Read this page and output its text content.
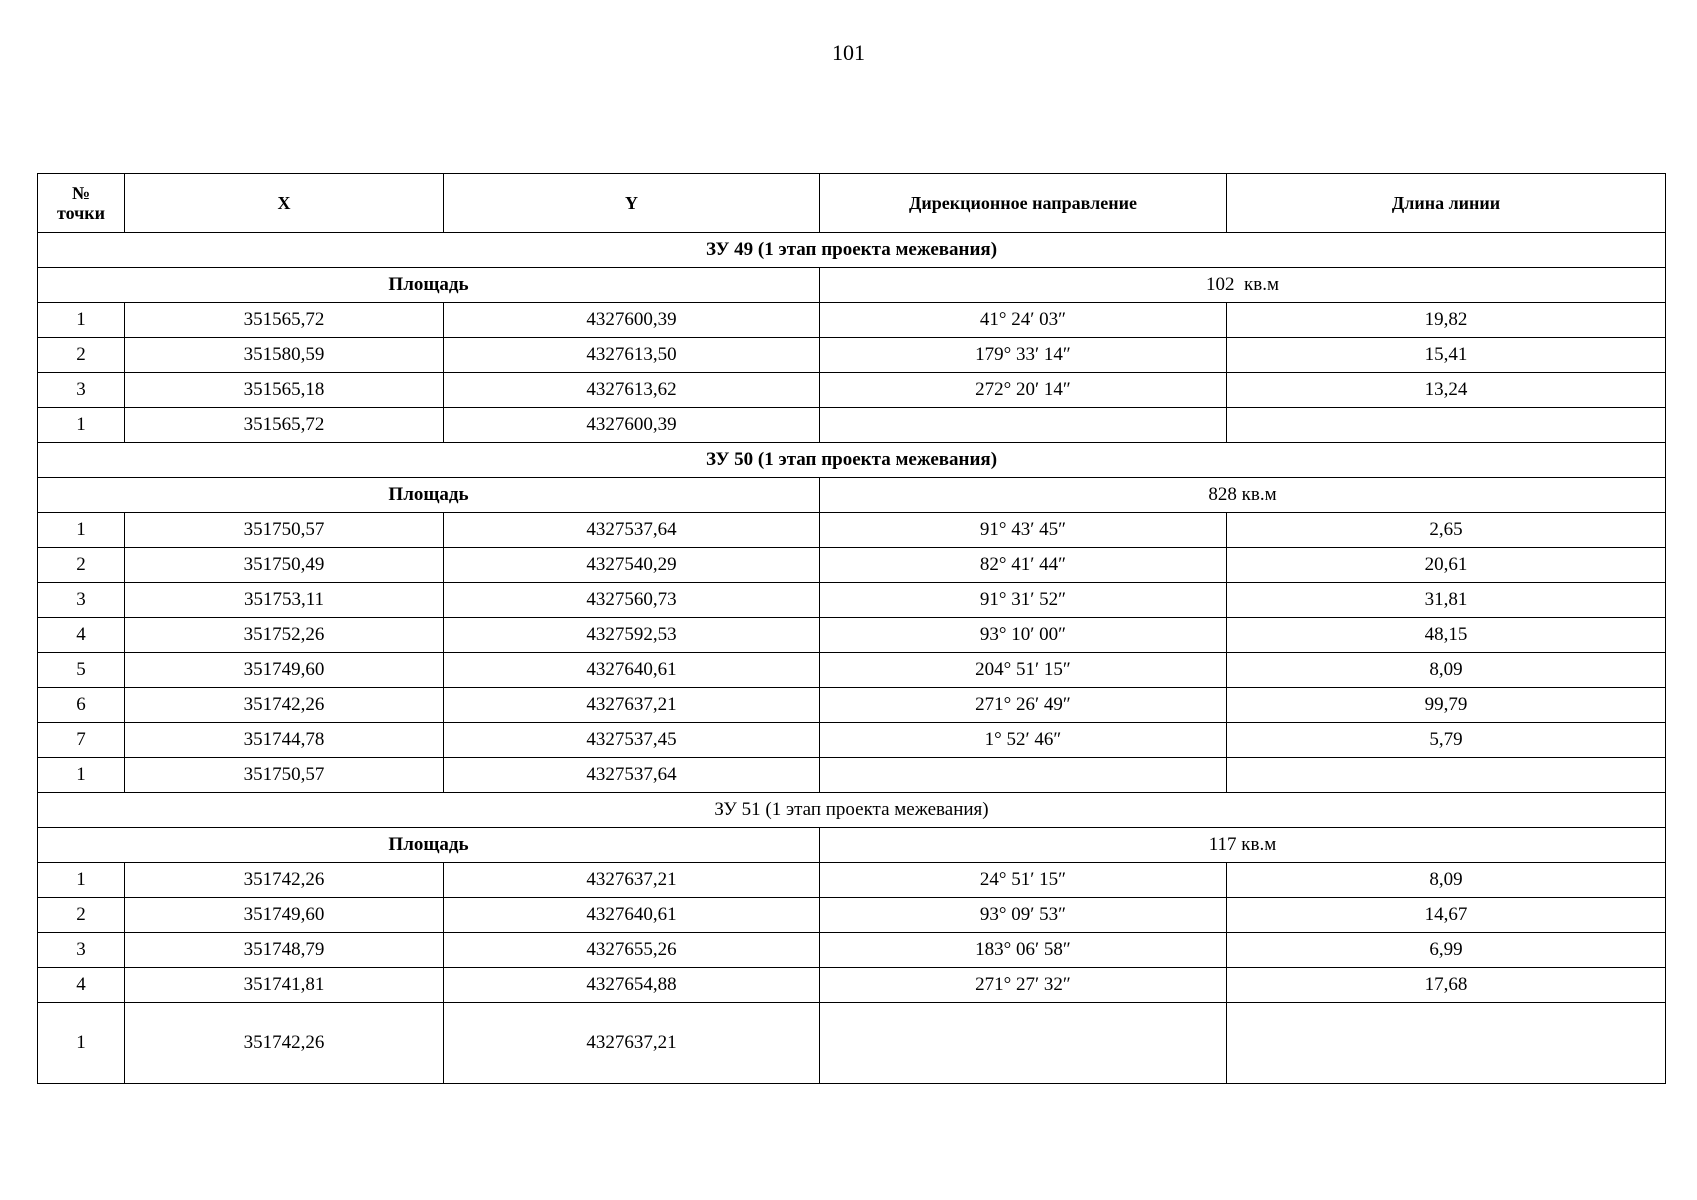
101
№
точки	X	Y	Дирекционное направление	Длина линии
ЗУ 49 (1 этап проекта межевания)				
Площадь			102  кв.м	
1	351565,72	4327600,39	41° 24′ 03″	19,82
2	351580,59	4327613,50	179° 33′ 14″	15,41
3	351565,18	4327613,62	272° 20′ 14″	13,24
1	351565,72	4327600,39		
ЗУ 50 (1 этап проекта межевания)				
Площадь			828 кв.м	
1	351750,57	4327537,64	91° 43′ 45″	2,65
2	351750,49	4327540,29	82° 41′ 44″	20,61
3	351753,11	4327560,73	91° 31′ 52″	31,81
4	351752,26	4327592,53	93° 10′ 00″	48,15
5	351749,60	4327640,61	204° 51′ 15″	8,09
6	351742,26	4327637,21	271° 26′ 49″	99,79
7	351744,78	4327537,45	1° 52′ 46″	5,79
1	351750,57	4327537,64		
ЗУ 51 (1 этап проекта межевания)				
Площадь			117 кв.м	
1	351742,26	4327637,21	24° 51′ 15″	8,09
2	351749,60	4327640,61	93° 09′ 53″	14,67
3	351748,79	4327655,26	183° 06′ 58″	6,99
4	351741,81	4327654,88	271° 27′ 32″	17,68
1	351742,26	4327637,21		
